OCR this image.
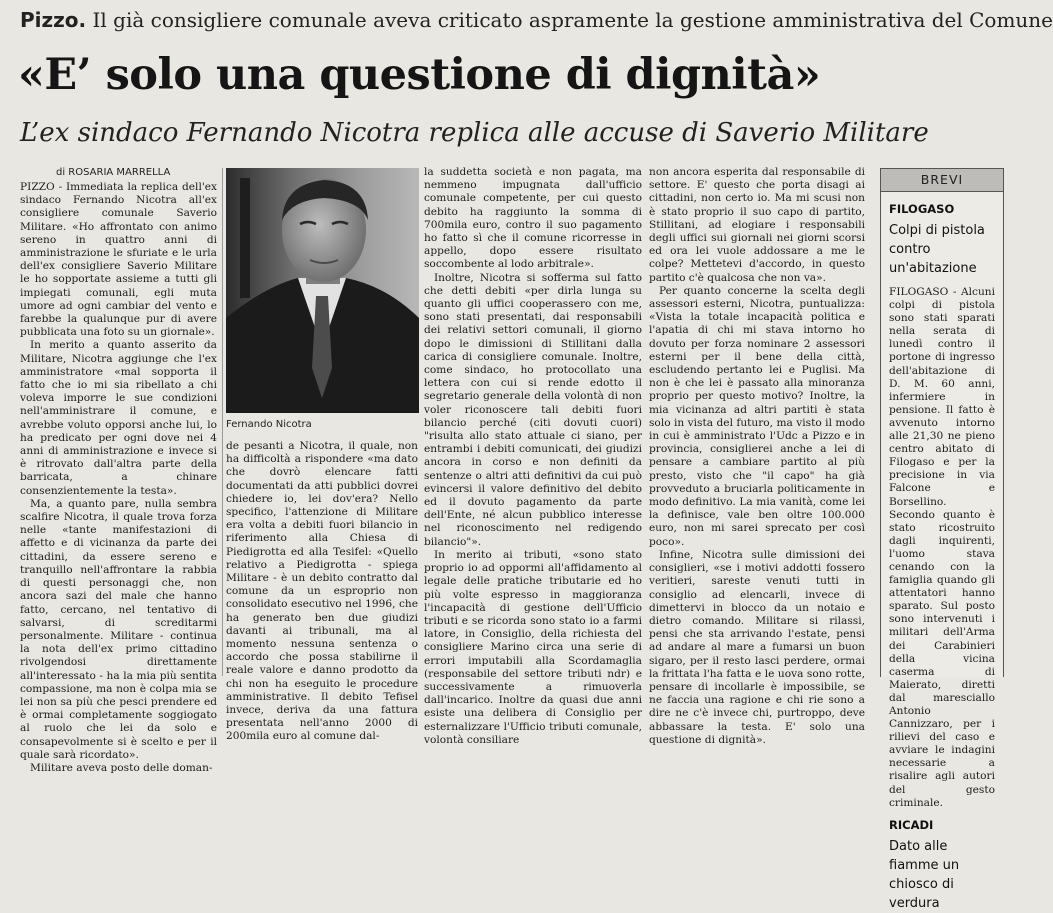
Pizzo. Il già consigliere comunale aveva criticato aspramente la gestione amministrativa del Comune
«E’ solo una questione di dignità»
L’ex sindaco Fernando Nicotra replica alle accuse di Saverio Militare
di ROSARIA MARRELLA

PIZZO - Immediata la replica dell'ex sindaco Fernando Nicotra all'ex consigliere comunale Saverio Militare. «Ho affrontato con animo sereno in quattro anni di amministrazione le sfuriate e le urla dell'ex consigliere Saverio Militare le ho sopportate assieme a tutti gli impiegati comunali, egli muta umore ad ogni cambiar del vento e farebbe la qualunque pur di avere pubblicata una foto su un giornale».

In merito a quanto asserito da Militare, Nicotra aggiunge che l'ex amministratore «mal sopporta il fatto che io mi sia ribellato a chi voleva imporre le sue condizioni nell'amministrare il comune, e avrebbe voluto opporsi anche lui, lo ha predicato per ogni dove nei 4 anni di amministrazione e invece si è ritrovato dall'altra parte della barricata, a chinare consenzientemente la testa».

Ma, a quanto pare, nulla sembra scalfire Nicotra, il quale trova forza nelle «tante manifestazioni di affetto e di vicinanza da parte dei cittadini, da essere sereno e tranquillo nell'affrontare la rabbia di questi personaggi che, non ancora sazi del male che hanno fatto, cercano, nel tentativo di salvarsi, di screditarmi personalmente. Militare - continua la nota dell'ex primo cittadino rivolgendosi direttamente all'interessato - ha la mia più sentita compassione, ma non è colpa mia se lei non sa più che pesci prendere ed è ormai completamente soggiogato al ruolo che lei da solo e consapevolmente si è scelto e per il quale sarà ricordato».

Militare aveva posto delle doman-

Fernando Nicotra

de pesanti a Nicotra, il quale, non ha difficoltà a rispondere «ma dato che dovrò elencare fatti documentati da atti pubblici dovrei chiedere io, lei dov'era? Nello specifico, l'attenzione di Militare era volta a debiti fuori bilancio in riferimento alla Chiesa di Piedigrotta ed alla Tesifel: «Quello relativo a Piedigrotta - spiega Militare - è un debito contratto dal comune da un esproprio non consolidato esecutivo nel 1996, che ha generato ben due giudizi davanti ai tribunali, ma al momento nessuna sentenza o accordo che possa stabilirne il reale valore e danno prodotto da chi non ha eseguito le procedure amministrative. Il debito Tefisel invece, deriva da una fattura presentata nell'anno 2000 di 200mila euro al comune dal-

la suddetta società e non pagata, ma nemmeno impugnata dall'ufficio comunale competente, per cui questo debito ha raggiunto la somma di 700mila euro, contro il suo pagamento ho fatto sì che il comune ricorresse in appello, dopo essere risultato soccombente al lodo arbitrale».

Inoltre, Nicotra si sofferma sul fatto che detti debiti «per dirla lunga su quanto gli uffici cooperassero con me, sono stati presentati, dai responsabili dei relativi settori comunali, il giorno dopo le dimissioni di Stillitani dalla carica di consigliere comunale. Inoltre, come sindaco, ho protocollato una lettera con cui si rende edotto il segretario generale della volontà di non voler riconoscere tali debiti fuori bilancio perché (citi dovuti cuori) "risulta allo stato attuale ci siano, per entrambi i debiti comunicati, dei giudizi ancora in corso e non definiti da sentenze o altri atti definitivi da cui può evincersi il valore definitivo del debito ed il dovuto pagamento da parte dell'Ente, né alcun pubblico interesse nel riconoscimento nel redigendo bilancio"».

In merito ai tributi, «sono stato proprio io ad oppormi all'affidamento al legale delle pratiche tributarie ed ho più volte espresso in maggioranza l'incapacità di gestione dell'Ufficio tributi e se ricorda sono stato io a farmi latore, in Consiglio, della richiesta del consigliere Marino circa una serie di errori imputabili alla Scordamaglia (responsabile del settore tributi ndr) e successivamente a rimuoverla dall'incarico. Inoltre da quasi due anni esiste una delibera di Consiglio per esternalizzare l'Ufficio tributi comunale, volontà consiliare

non ancora esperita dal responsabile di settore. E' questo che porta disagi ai cittadini, non certo io. Ma mi scusi non è stato proprio il suo capo di partito, Stillitani, ad elogiare i responsabili degli uffici sui giornali nei giorni scorsi ed ora lei vuole addossare a me le colpe? Mettetevi d'accordo, in questo partito c'è qualcosa che non va».

Per quanto concerne la scelta degli assessori esterni, Nicotra, puntualizza: «Vista la totale incapacità politica e l'apatia di chi mi stava intorno ho dovuto per forza nominare 2 assessori esterni per il bene della città, escludendo pertanto lei e Puglisi. Ma non è che lei è passato alla minoranza proprio per questo motivo? Inoltre, la mia vicinanza ad altri partiti è stata solo in vista del futuro, ma visto il modo in cui è amministrato l'Udc a Pizzo e in provincia, consiglierei anche a lei di pensare a cambiare partito al più presto, visto che "il capo" ha già provveduto a bruciarla politicamente in modo definitivo. La mia vanità, come lei la definisce, vale ben oltre 100.000 euro, non mi sarei sprecato per così poco».

Infine, Nicotra sulle dimissioni dei consiglieri, «se i motivi addotti fossero veritieri, sareste venuti tutti in consiglio ad elencarli, invece di dimettervi in blocco da un notaio e dietro comando. Militare si rilassi, pensi che sta arrivando l'estate, pensi ad andare al mare a fumarsi un buon sigaro, per il resto lasci perdere, ormai la frittata l'ha fatta e le uova sono rotte, pensare di incollarle è impossibile, se ne faccia una ragione e chi rie sono a dire ne c'è invece chi, purtroppo, deve abbassare la testa. E' solo una questione di dignità».

BREVI
FILOGASO
Colpi di pistola contro un'abitazione
FILOGASO - Alcuni colpi di pistola sono stati sparati nella serata di lunedì contro il portone di ingresso dell'abitazione di D. M. 60 anni, infermiere in pensione. Il fatto è avvenuto intorno alle 21,30 ne pieno centro abitato di Filogaso e per la precisione in via Falcone e Borsellino. Secondo quanto è stato ricostruito dagli inquirenti, l'uomo stava cenando con la famiglia quando gli attentatori hanno sparato. Sul posto sono intervenuti i militari dell'Arma dei Carabinieri della vicina caserma di Maierato, diretti dal maresciallo Antonio Cannizzaro, per i rilievi del caso e avviare le indagini necessarie a risalire agli autori del gesto criminale.
RICADI
Dato alle fiamme un chiosco di verdura
